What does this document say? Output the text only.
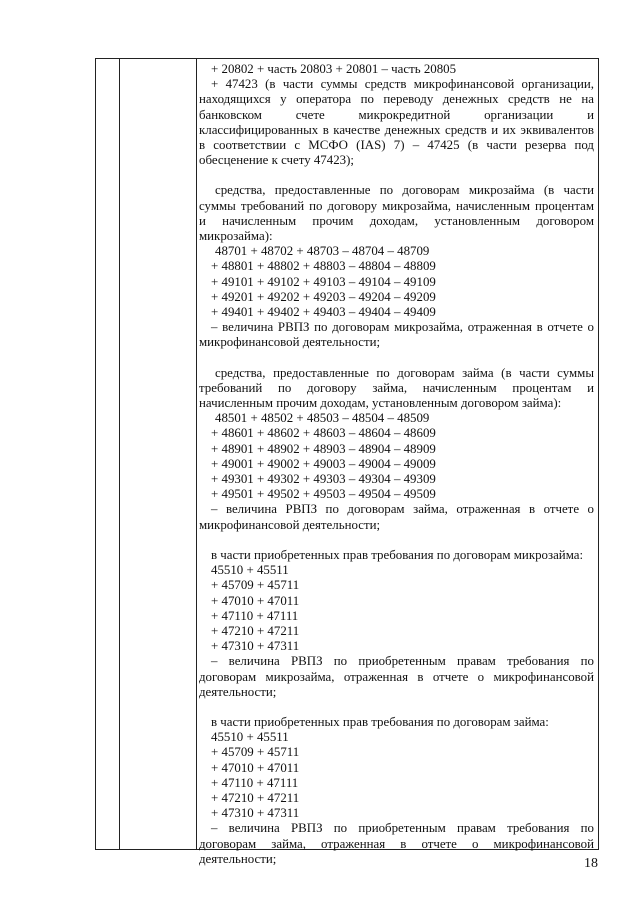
+ 20802 + часть 20803 + 20801 – часть 20805
+ 47423 (в части суммы средств микрофинансовой организации,
находящихся у оператора по переводу денежных средств не на
банковском счете микрокредитной организации и
классифицированных в качестве денежных средств и их эквивалентов
в соответствии с МСФО (IAS) 7) – 47425 (в части резерва под
обесценение к счету 47423);
средства, предоставленные по договорам микрозайма (в части
суммы требований по договору микрозайма, начисленным процентам
и начисленным прочим доходам, установленным договором
микрозайма):
48701 + 48702 + 48703 – 48704 – 48709
+ 48801 + 48802 + 48803 – 48804 – 48809
+ 49101 + 49102 + 49103 – 49104 – 49109
+ 49201 + 49202 + 49203 – 49204 – 49209
+ 49401 + 49402 + 49403 – 49404 – 49409
– величина РВПЗ по договорам микрозайма, отраженная в отчете о
микрофинансовой деятельности;
средства, предоставленные по договорам займа (в части суммы
требований по договору займа, начисленным процентам и
начисленным прочим доходам, установленным договором займа):
48501 + 48502 + 48503 – 48504 – 48509
+ 48601 + 48602 + 48603 – 48604 – 48609
+ 48901 + 48902 + 48903 – 48904 – 48909
+ 49001 + 49002 + 49003 – 49004 – 49009
+ 49301 + 49302 + 49303 – 49304 – 49309
+ 49501 + 49502 + 49503 – 49504 – 49509
– величина РВПЗ по договорам займа, отраженная в отчете о
микрофинансовой деятельности;
в части приобретенных прав требования по договорам микрозайма:
45510 + 45511
+ 45709 + 45711
+ 47010 + 47011
+ 47110 + 47111
+ 47210 + 47211
+ 47310 + 47311
– величина РВПЗ по приобретенным правам требования по
договорам микрозайма, отраженная в отчете о микрофинансовой
деятельности;
в части приобретенных прав требования по договорам займа:
45510 + 45511
+ 45709 + 45711
+ 47010 + 47011
+ 47110 + 47111
+ 47210 + 47211
+ 47310 + 47311
– величина РВПЗ по приобретенным правам требования по
договорам займа, отраженная в отчете о микрофинансовой
деятельности;	18
